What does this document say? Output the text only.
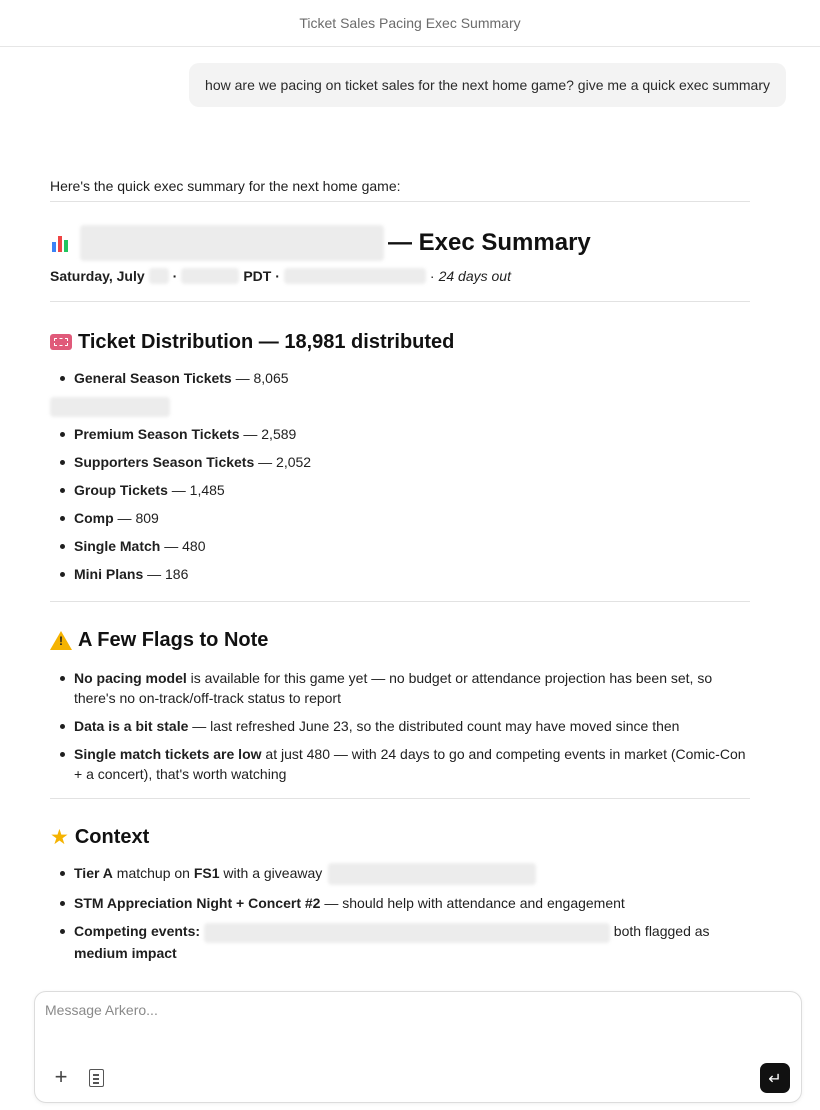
Ticket Sales Pacing Exec Summary
how are we pacing on ticket sales for the next home game? give me a quick exec summary
Here's the quick exec summary for the next home game:
— Exec Summary
Saturday, July ·	PDT ·	· 24 days out
Ticket Distribution — 18,981 distributed
General Season Tickets — 8,065
Premium Season Tickets — 2,589
Supporters Season Tickets — 2,052
Group Tickets — 1,485
Comp — 809
Single Match — 480
Mini Plans — 186
! A Few Flags to Note
No pacing model is available for this game yet — no budget or attendance projection has been set, so there's no on-track/off-track status to report
Data is a bit stale — last refreshed June 23, so the distributed count may have moved since then
Single match tickets are low at just 480 — with 24 days to go and competing events in market (Comic-Con + a concert), that's worth watching
★ Context
Tier A matchup on FS1 with a giveaway
STM Appreciation Night + Concert #2 — should help with attendance and engagement
Competing events:	both flagged as medium impact
Message Arkero...
+	↵
